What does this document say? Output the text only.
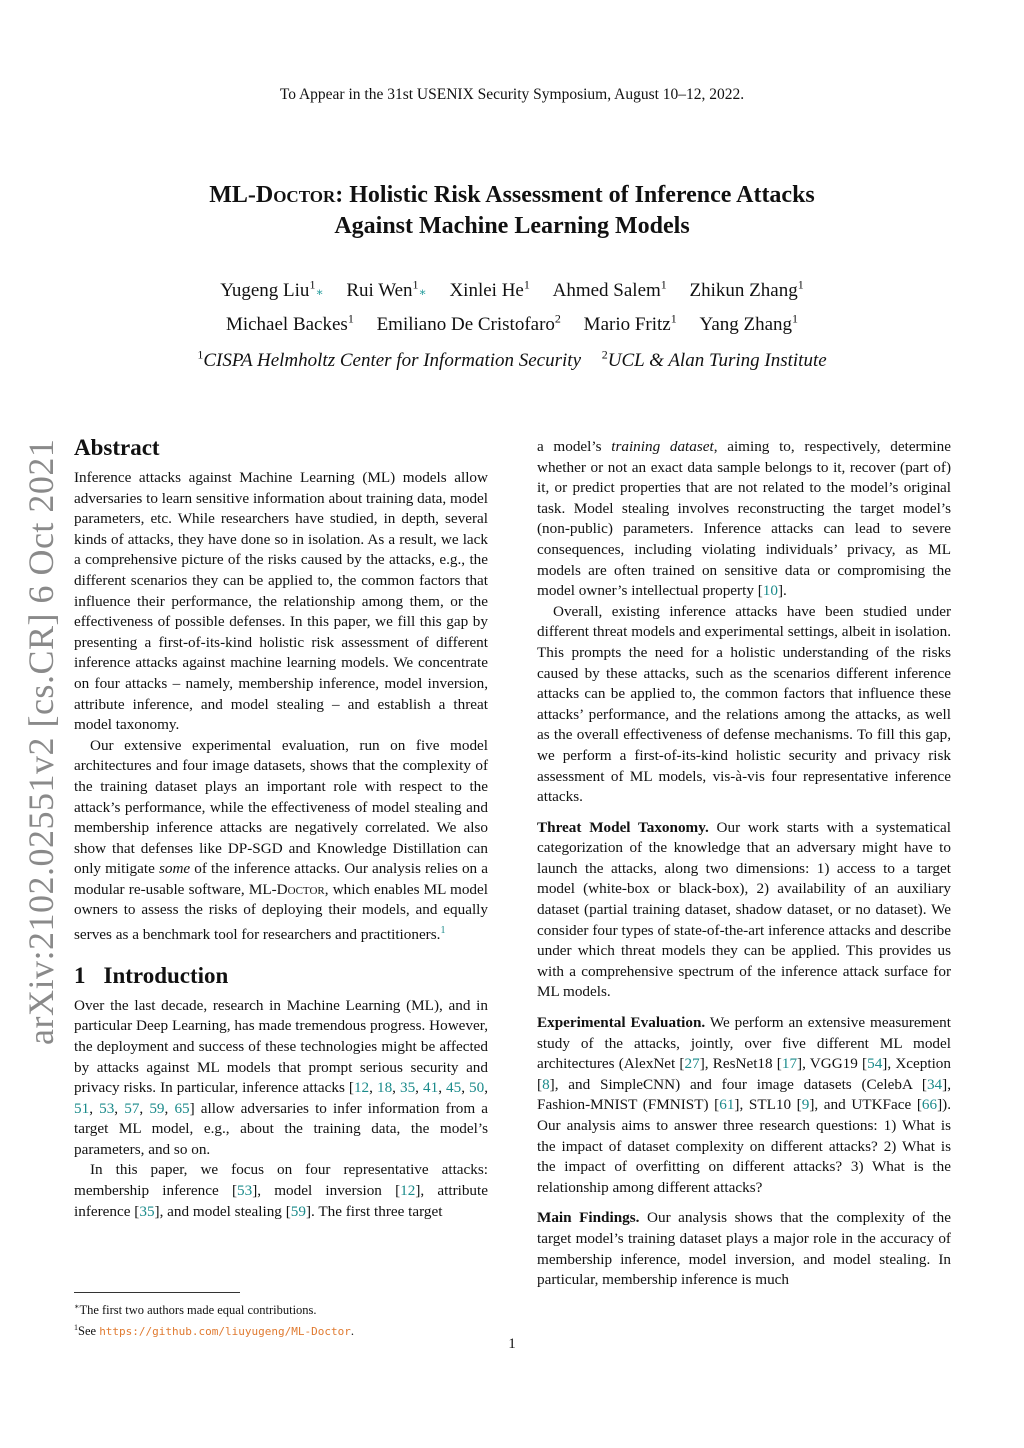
To Appear in the 31st USENIX Security Symposium, August 10–12, 2022.
ML-Doctor: Holistic Risk Assessment of Inference Attacks
Against Machine Learning Models
Yugeng Liu$^1$∗ Rui Wen$^1$∗ Xinlei He$^1$ Ahmed Salem$^1$ Zhikun Zhang$^1$
Michael Backes$^1$ Emiliano De Cristofaro$^2$ Mario Fritz$^1$ Yang Zhang$^1$
$^1$CISPA Helmholtz Center for Information Security $^2$UCL & Alan Turing Institute
arXiv:2102.02551v2 [cs.CR] 6 Oct 2021 Abstract

Inference attacks against Machine Learning (ML) models allow adversaries to learn sensitive information about training data, model parameters, etc. While researchers have studied, in depth, several kinds of attacks, they have done so in isolation. As a result, we lack a comprehensive picture of the risks caused by the attacks, e.g., the different scenarios they can be applied to, the common factors that influence their performance, the relationship among them, or the effectiveness of possible defenses. In this paper, we fill this gap by presenting a first-of-its-kind holistic risk assessment of different inference attacks against machine learning models. We concentrate on four attacks – namely, membership inference, model inversion, attribute inference, and model stealing – and establish a threat model taxonomy.

Our extensive experimental evaluation, run on five model architectures and four image datasets, shows that the complexity of the training dataset plays an important role with respect to the attack’s performance, while the effectiveness of model stealing and membership inference attacks are negatively correlated. We also show that defenses like DP-SGD and Knowledge Distillation can only mitigate some of the inference attacks. Our analysis relies on a modular re-usable software, ML-Doctor, which enables ML model owners to assess the risks of deploying their models, and equally serves as a benchmark tool for researchers and practitioners.$^1$

1 Introduction

Over the last decade, research in Machine Learning (ML), and in particular Deep Learning, has made tremendous progress. However, the deployment and success of these technologies might be affected by attacks against ML models that prompt serious security and privacy risks. In particular, inference attacks [12, 18, 35, 41, 45, 50, 51, 53, 57, 59, 65] allow adversaries to infer information from a target ML model, e.g., about the training data, the model’s parameters, and so on.

In this paper, we focus on four representative attacks: membership inference [53], model inversion [12], attribute inference [35], and model stealing [59]. The first three target

a model’s training dataset, aiming to, respectively, determine whether or not an exact data sample belongs to it, recover (part of) it, or predict properties that are not related to the model’s original task. Model stealing involves reconstructing the target model’s (non-public) parameters. Inference attacks can lead to severe consequences, including violating individuals’ privacy, as ML models are often trained on sensitive data or compromising the model owner’s intellectual property [10].

Overall, existing inference attacks have been studied under different threat models and experimental settings, albeit in isolation. This prompts the need for a holistic understanding of the risks caused by these attacks, such as the scenarios different inference attacks can be applied to, the common factors that influence these attacks’ performance, and the relations among the attacks, as well as the overall effectiveness of defense mechanisms. To fill this gap, we perform a first-of-its-kind holistic security and privacy risk assessment of ML models, vis-à-vis four representative inference attacks.

Threat Model Taxonomy. Our work starts with a systematical categorization of the knowledge that an adversary might have to launch the attacks, along two dimensions: 1) access to a target model (white-box or black-box), 2) availability of an auxiliary dataset (partial training dataset, shadow dataset, or no dataset). We consider four types of state-of-the-art inference attacks and describe under which threat models they can be applied. This provides us with a comprehensive spectrum of the inference attack surface for ML models.

Experimental Evaluation. We perform an extensive measurement study of the attacks, jointly, over five different ML model architectures (AlexNet [27], ResNet18 [17], VGG19 [54], Xception [8], and SimpleCNN) and four image datasets (CelebA [34], Fashion-MNIST (FMNIST) [61], STL10 [9], and UTKFace [66]). Our analysis aims to answer three research questions: 1) What is the impact of dataset complexity on different attacks? 2) What is the impact of overfitting on different attacks? 3) What is the relationship among different attacks?

Main Findings. Our analysis shows that the complexity of the target model’s training dataset plays a major role in the accuracy of membership inference, model inversion, and model stealing. In particular, membership inference is much

∗The first two authors made equal contributions.
$^1$See https://github.com/liuyugeng/ML-Doctor.
1
